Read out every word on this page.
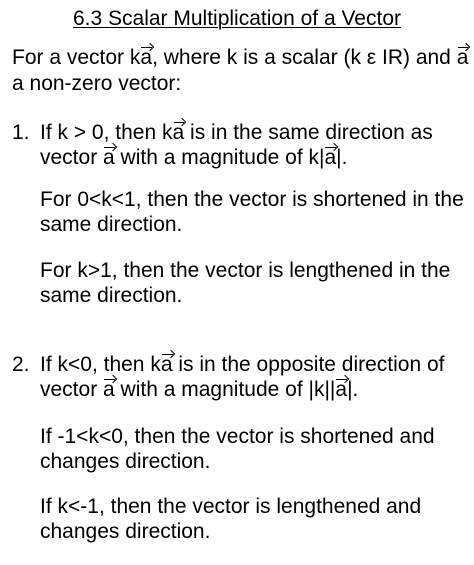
6.3 Scalar Multiplication of a Vector
For a vector ka, where k is a scalar (k ε IR) and a
a non-zero vector:
1. If k > 0, then ka is in the same direction as
vector a with a magnitude of k|a|.
For 0<k<1, then the vector is shortened in the
same direction.
For k>1, then the vector is lengthened in the
same direction.
2. If k<0, then ka is in the opposite direction of
vector a with a magnitude of |k||a|.
If -1<k<0, then the vector is shortened and
changes direction.
If k<-1, then the vector is lengthened and
changes direction.
